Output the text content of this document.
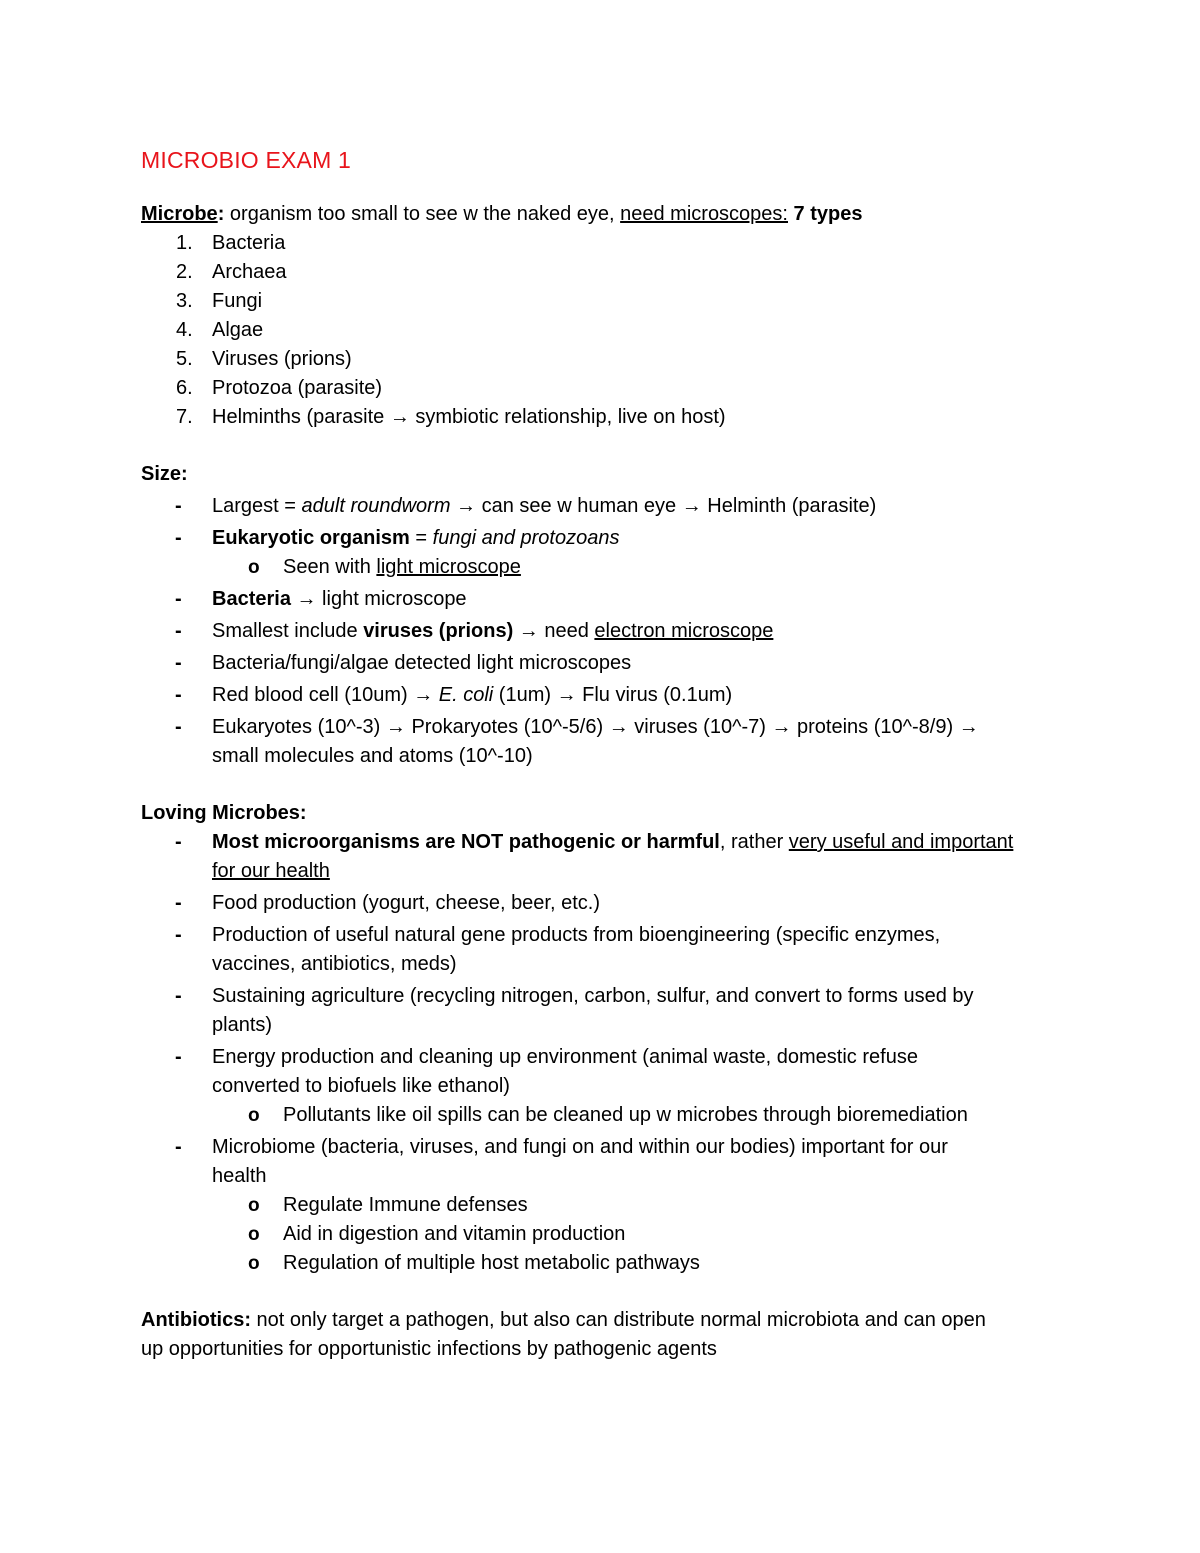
MICROBIO EXAM 1
Microbe: organism too small to see w the naked eye, need microscopes: 7 types
1. Bacteria
2. Archaea
3. Fungi
4. Algae
5. Viruses (prions)
6. Protozoa (parasite)
7. Helminths (parasite → symbiotic relationship, live on host)
Size:
- Largest = adult roundworm → can see w human eye → Helminth (parasite)
- Eukaryotic organism = fungi and protozoans
o Seen with light microscope
- Bacteria → light microscope
- Smallest include viruses (prions) → need electron microscope
- Bacteria/fungi/algae detected light microscopes
- Red blood cell (10um) → E. coli (1um) → Flu virus (0.1um)
- Eukaryotes (10^-3) → Prokaryotes (10^-5/6) → viruses (10^-7) → proteins (10^-8/9) →
small molecules and atoms (10^-10)
Loving Microbes:
- Most microorganisms are NOT pathogenic or harmful, rather very useful and important
for our health
- Food production (yogurt, cheese, beer, etc.)
- Production of useful natural gene products from bioengineering (specific enzymes,
vaccines, antibiotics, meds)
- Sustaining agriculture (recycling nitrogen, carbon, sulfur, and convert to forms used by
plants)
- Energy production and cleaning up environment (animal waste, domestic refuse
converted to biofuels like ethanol)
o Pollutants like oil spills can be cleaned up w microbes through bioremediation
- Microbiome (bacteria, viruses, and fungi on and within our bodies) important for our
health
o Regulate Immune defenses
o Aid in digestion and vitamin production
o Regulation of multiple host metabolic pathways
Antibiotics: not only target a pathogen, but also can distribute normal microbiota and can open
up opportunities for opportunistic infections by pathogenic agents
